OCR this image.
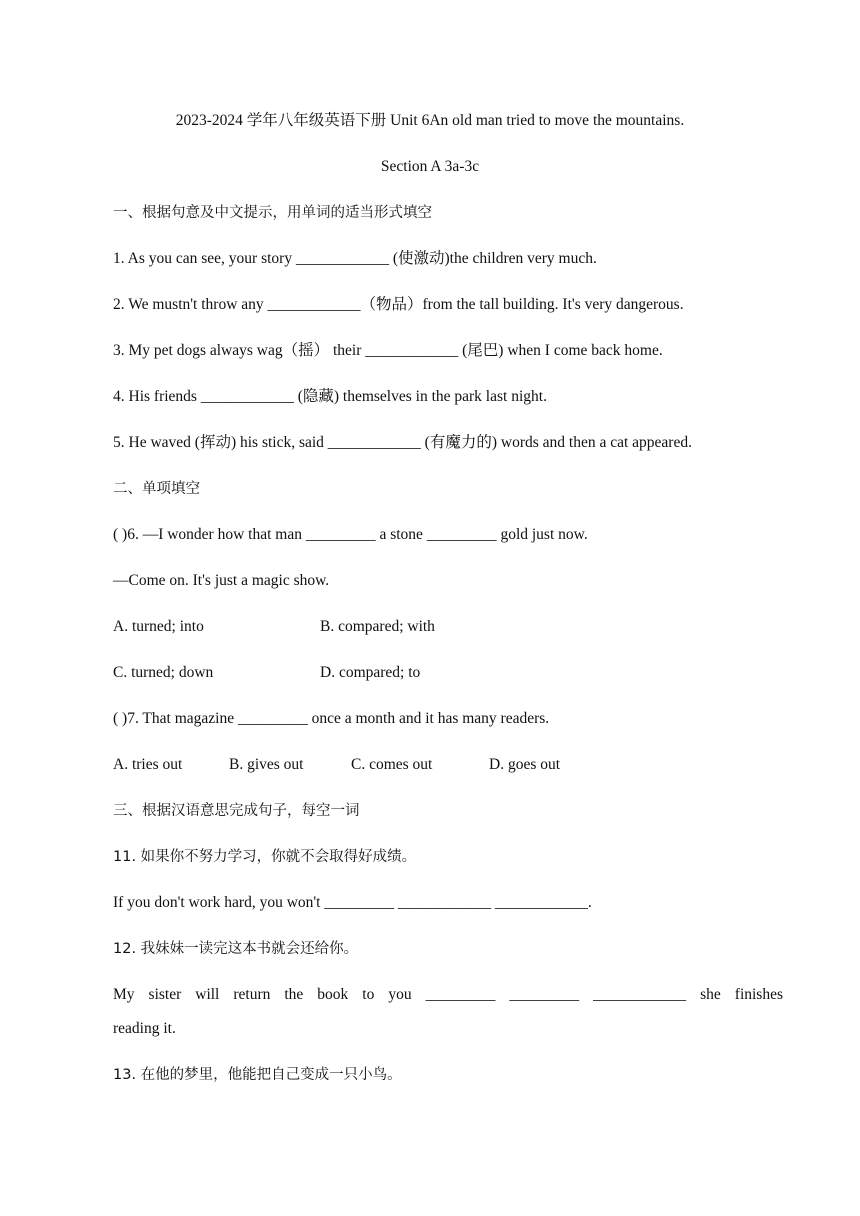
2023-2024 学年八年级英语下册 Unit 6An old man tried to move the mountains.
Section A 3a-3c
一、根据句意及中文提示，用单词的适当形式填空
1. As you can see, your story ____________ (使激动)the children very much.
2. We mustn't throw any ____________（物品）from the tall building. It's very dangerous.
3. My pet dogs always wag（摇） their ____________ (尾巴) when I come back home.
4. His friends ____________ (隐藏) themselves in the park last night.
5. He waved (挥动) his stick, said ____________ (有魔力的) words and then a cat appeared.
二、单项填空
( )6. —I wonder how that man _________ a stone _________ gold just now.
—Come on. It's just a magic show.
A. turned; into	B. compared; with
C. turned; down	D. compared; to
( )7. That magazine _________ once a month and it has many readers.
A. tries out	B. gives out	C. comes out	D. goes out
三、根据汉语意思完成句子，每空一词
11. 如果你不努力学习，你就不会取得好成绩。
If you don't work hard, you won't _________ ____________ ____________.
12. 我妹妹一读完这本书就会还给你。
My sister will return the book to you _________ _________ ____________ she finishes
reading it.
13. 在他的梦里，他能把自己变成一只小鸟。
